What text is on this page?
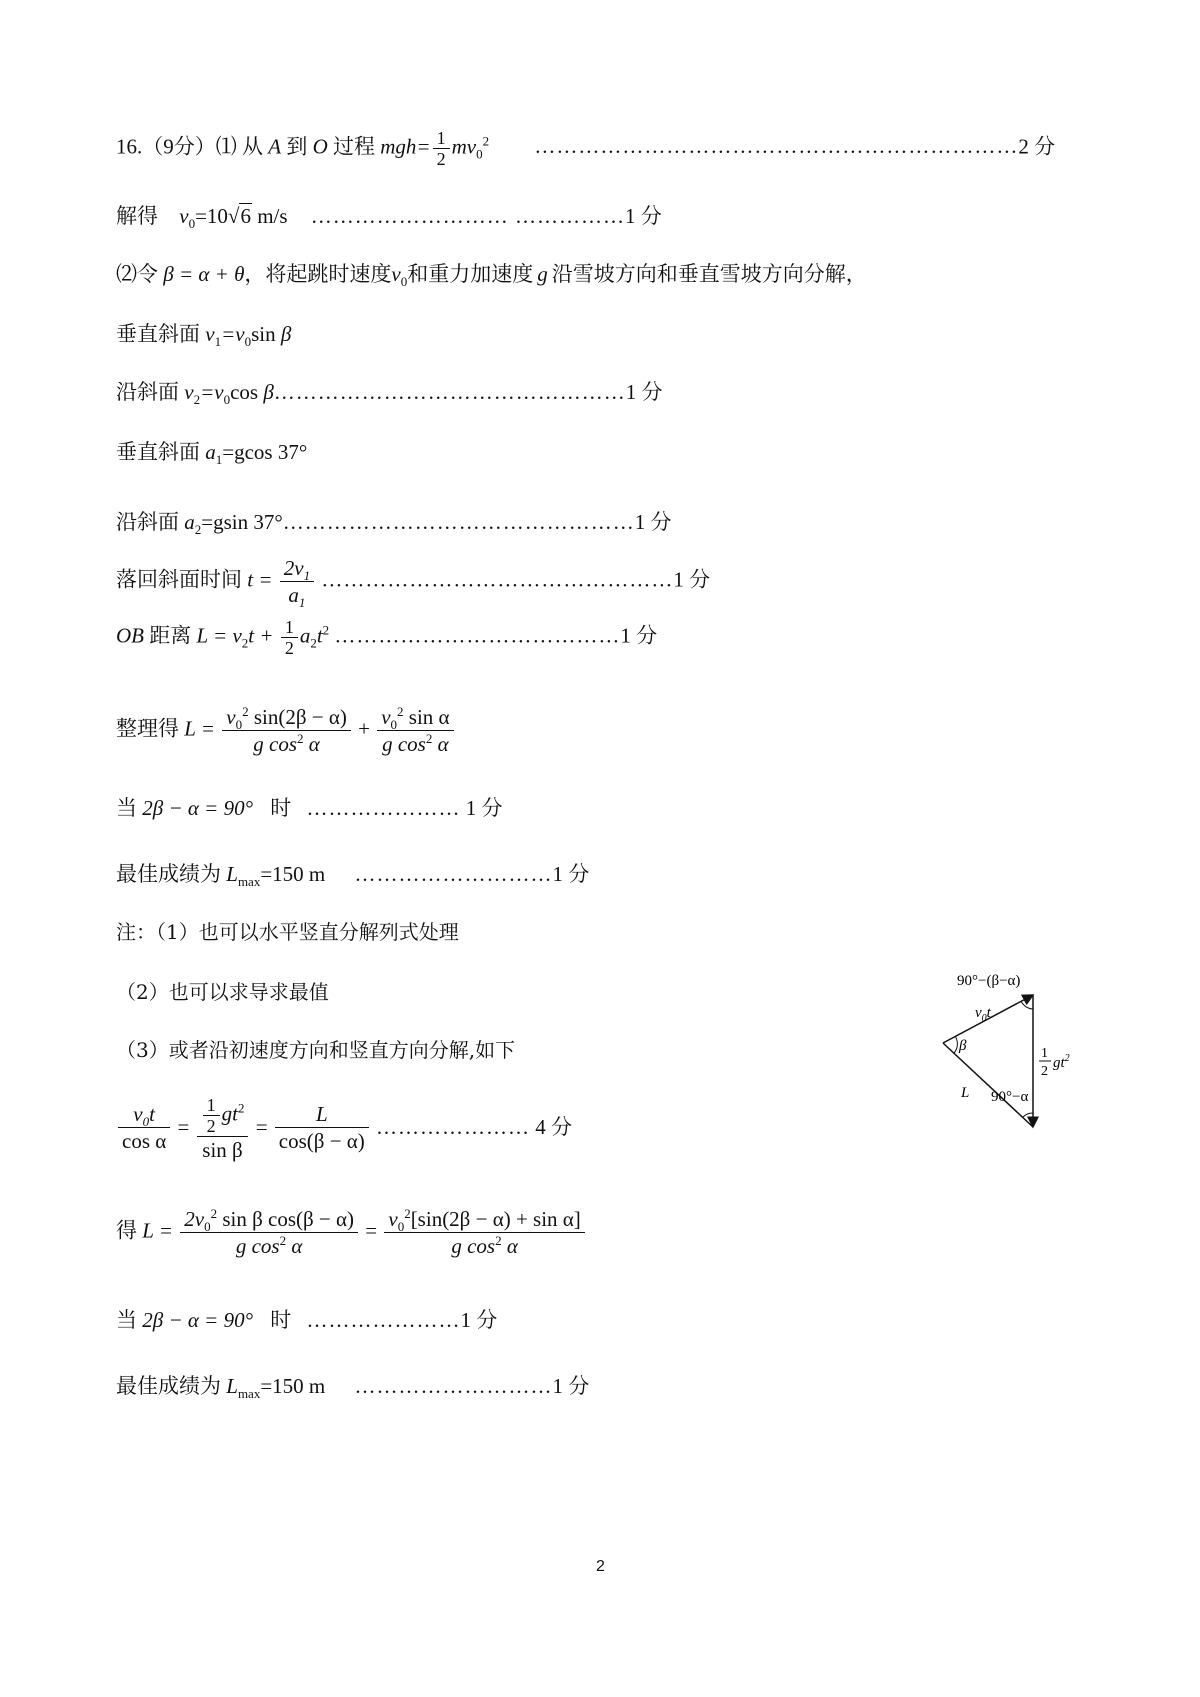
16.（9分）⑴ 从 A 到 O 过程 $mgh= \frac{1}{2} mv_0^2$ …………………………………………………………2 分
解得 $v_0=10√6$ m/s ……………………… ……………1 分
⑵令 β = α + θ，将起跳时速度$v_0$和重力加速度 g 沿雪坡方向和垂直雪坡方向分解，
垂直斜面 $v_1=v_0\sin$ β
沿斜面 $v_2=v_0\cos$ β…………………………………………1 分
垂直斜面 $a_1=gcos$ 37°
沿斜面 $a_2=gsin$ 37°…………………………………………1 分
落回斜面时间 $t = \frac{2v_1}{a_1}$ …………………………………………1 分
OB 距离 $L = v_2t + \frac{1}{2} a_2t^2$ …………………………………1 分
整理得 $L = \frac{v_0^2 \sin(2\beta - \alpha)}{g \cos^2 \alpha} + \frac{v_0^2 \sin \alpha}{g \cos^2 \alpha}$
当 2β − α = 90° 时 ………………… 1 分
最佳成绩为 $L_{max}=150$ m ………………………1 分
注：（1）也可以水平竖直分解列式处理
（2）也可以求导求最值
（3）或者沿初速度方向和竖直方向分解,如下
$\frac{v_0t}{\text{cos α}} = \frac{\frac{1}{2} gt^2}{\text{sin β}} = \frac{L}{\cos(\beta - \alpha)}$ ………………… 4 分
得 $L = \frac{2v_0^2 \sin \beta \cos(\beta - \alpha)}{g \cos^2 \alpha} = \frac{v_0^2[\sin(2\beta - \alpha) + \sin \alpha]}{g \cos^2 \alpha}$
当 2β − α = 90° 时 …………………1 分
最佳成绩为 $L_{max}=150$ m ………………………1 分
90°−(β−α)
$v_0t$
β	1
2
$gt^2$
L 90°−α
2
